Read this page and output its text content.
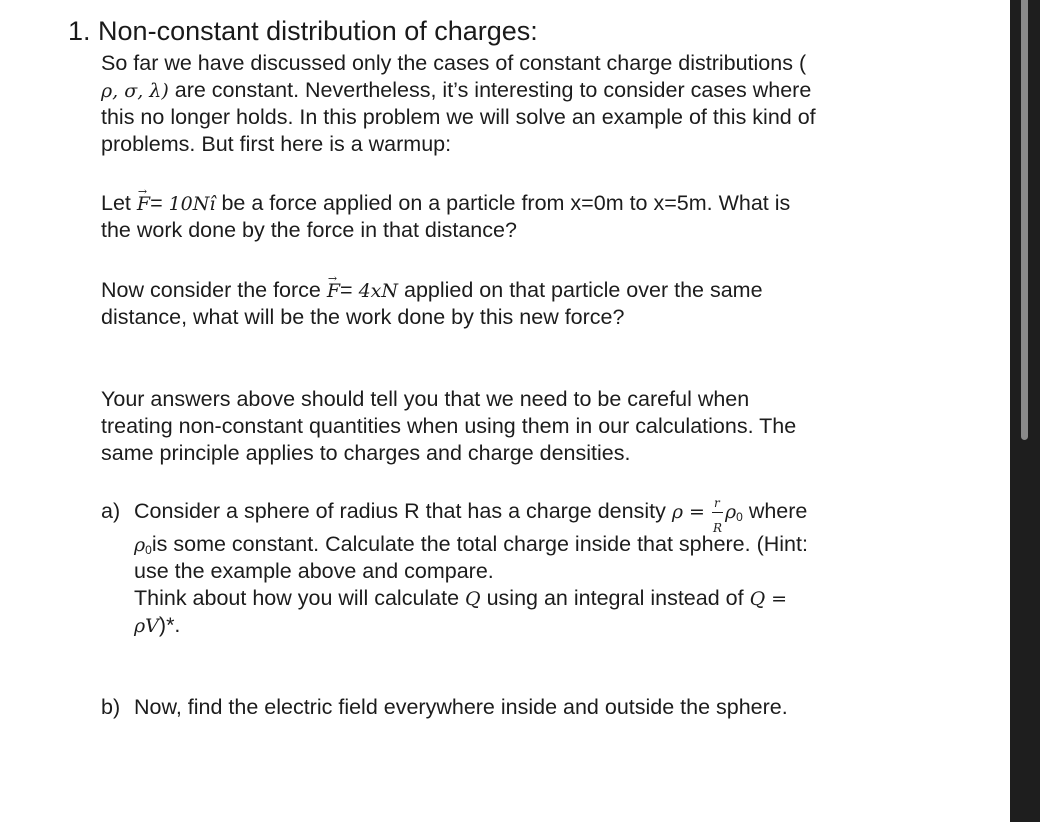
1. Non-constant distribution of charges:
So far we have discussed only the cases of constant charge distributions (
ρ, σ, λ) are constant. Nevertheless, it’s interesting to consider cases where
this no longer holds. In this problem we will solve an example of this kind of
problems. But first here is a warmup:
Let → F= 10Nî be a force applied on a particle from x=0m to x=5m. What is
the work done by the force in that distance?
Now consider the force → F= 4xN applied on that particle over the same
distance, what will be the work done by this new force?
Your answers above should tell you that we need to be careful when
treating non-constant quantities when using them in our calculations. The
same principle applies to charges and charge densities.
a) Consider a sphere of radius R that has a charge density $\rho = \frac{r}{R} \rho_0$ where
$\rho_0is$ some constant. Calculate the total charge inside that sphere. (Hint:
use the example above and compare.
Think about how you will calculate Q using an integral instead of Q =
ρV)*.
b) Now, find the electric field everywhere inside and outside the sphere.
